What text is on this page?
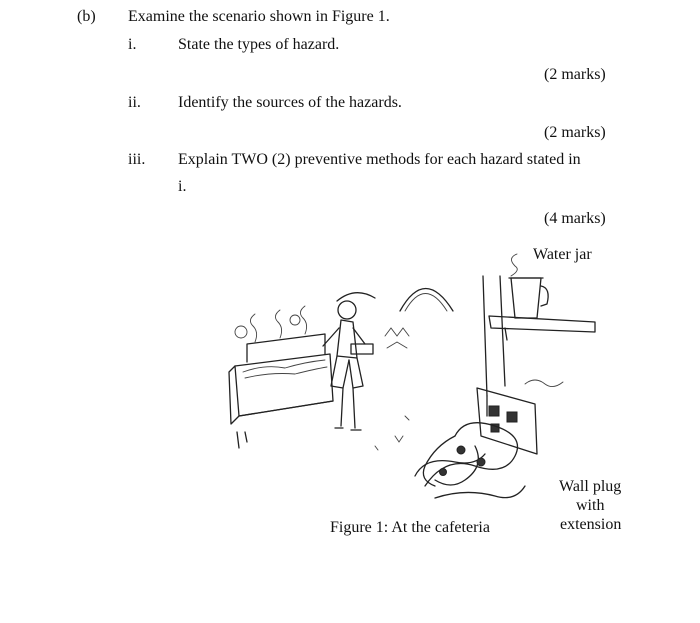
(b) Examine the scenario shown in Figure 1.
i.	State the types of hazard.
(2 marks)
ii. Identify the sources of the hazards.
(2 marks)
iii. Explain TWO (2) preventive methods for each hazard stated in
i.
(4 marks)
Water jar
Wall plug
with
extension
Figure 1: At the cafeteria
